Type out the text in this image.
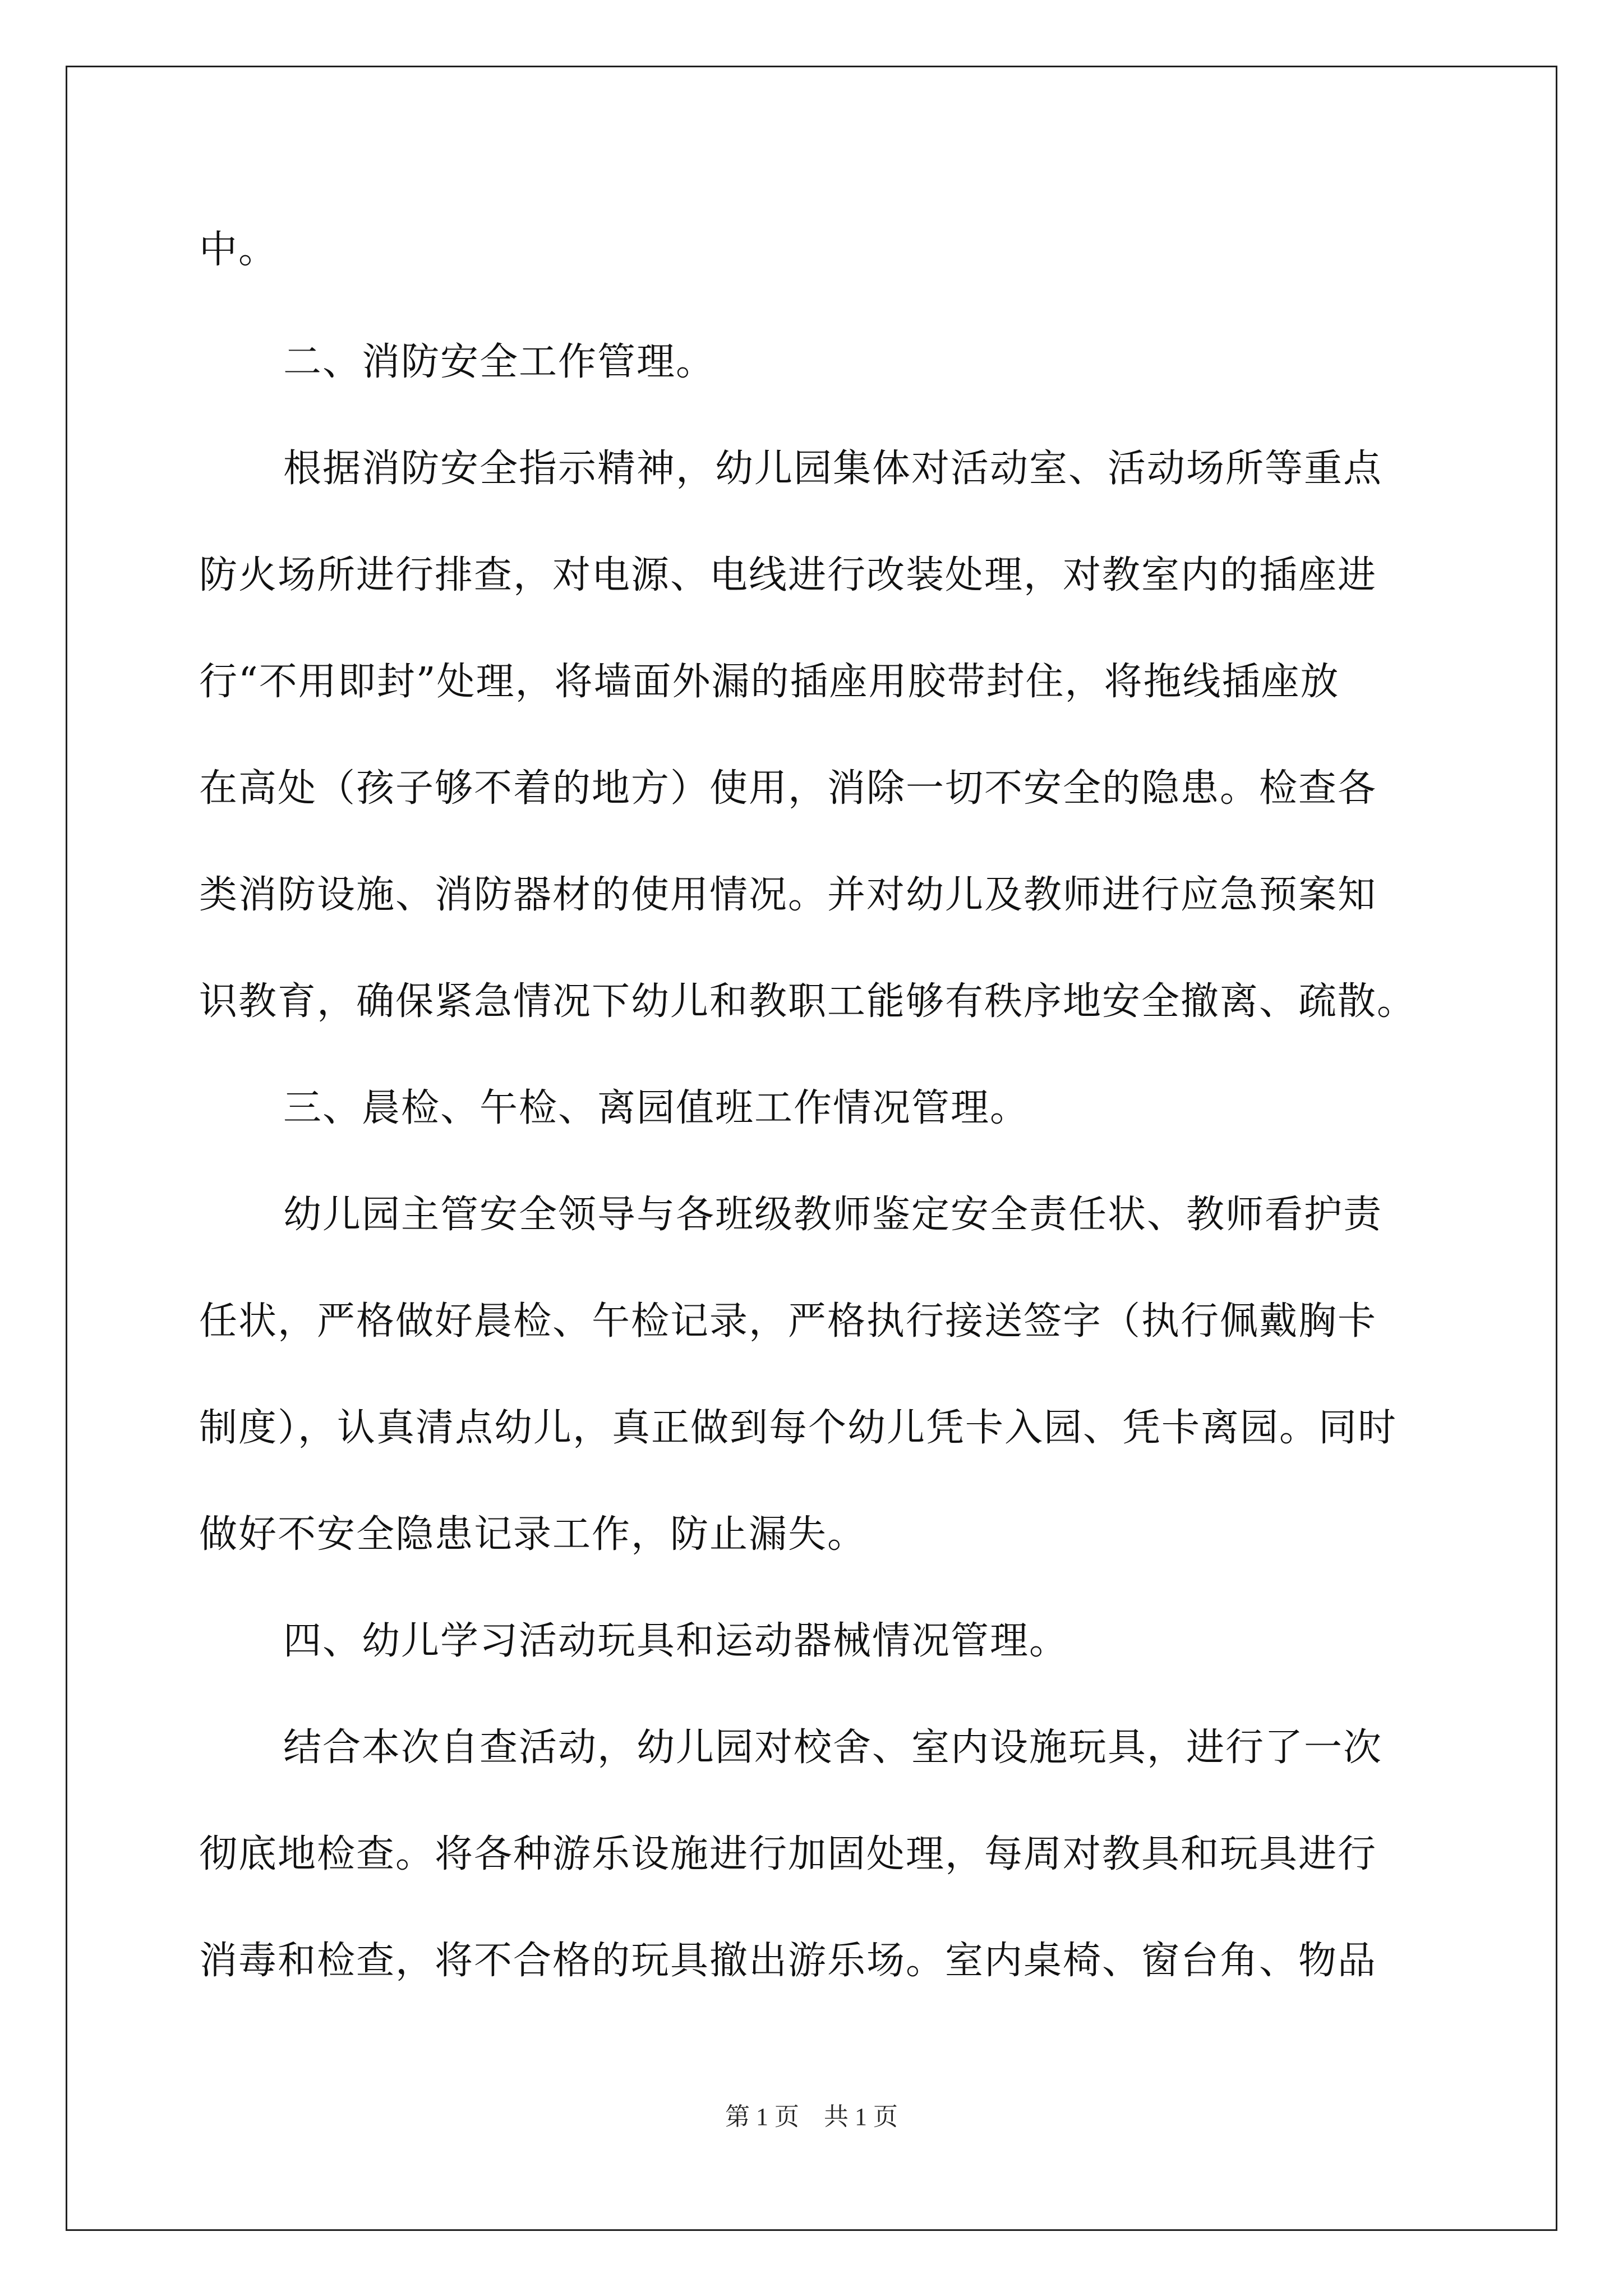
中。
二、消防安全工作管理。
根据消防安全指示精神，幼儿园集体对活动室、活动场所等重点
防火场所进行排查，对电源、电线进行改装处理，对教室内的插座进
行“不用即封”处理，将墙面外漏的插座用胶带封住，将拖线插座放
在高处（孩子够不着的地方）使用，消除一切不安全的隐患。检查各
类消防设施、消防器材的使用情况。并对幼儿及教师进行应急预案知
识教育，确保紧急情况下幼儿和教职工能够有秩序地安全撤离、疏散。
三、晨检、午检、离园值班工作情况管理。
幼儿园主管安全领导与各班级教师鉴定安全责任状、教师看护责
任状，严格做好晨检、午检记录，严格执行接送签字（执行佩戴胸卡
制度），认真清点幼儿，真正做到每个幼儿凭卡入园、凭卡离园。同时
做好不安全隐患记录工作，防止漏失。
四、幼儿学习活动玩具和运动器械情况管理。
结合本次自查活动，幼儿园对校舍、室内设施玩具，进行了一次
彻底地检查。将各种游乐设施进行加固处理，每周对教具和玩具进行
消毒和检查，将不合格的玩具撤出游乐场。室内桌椅、窗台角、物品
第 1 页　共 1 页
